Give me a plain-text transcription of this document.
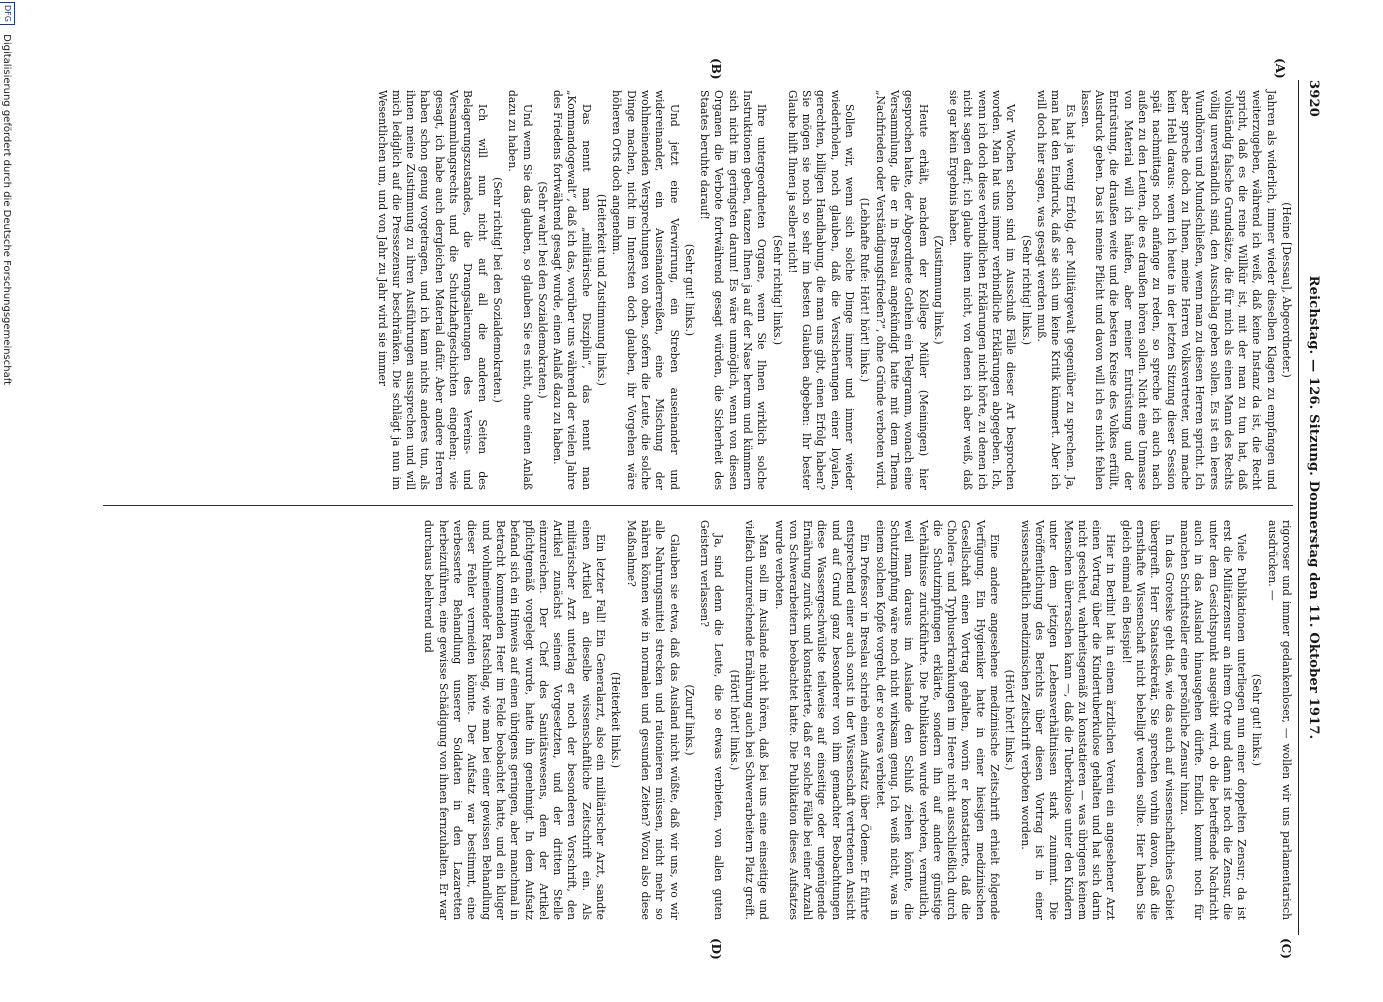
3920
Reichstag. — 126. Sitzung. Donnerstag den 11. Oktober 1917.

(Heine [Dessau], Abgeordneter.)

Jahren als widerlich, immer wieder dieselben Klagen zu empfangen und weiterzugeben, während ich weiß, daß keine Instanz da ist, die Recht spricht, daß es die reine Willkür ist, mit der man zu tun hat, daß vollständig falsche Grundsätze, die für mich als einen Mann des Rechts völlig unverständlich sind, den Ausschlag geben sollen. Es ist ein leeres Wundhören und Mundschließen, wenn man zu diesen Herren spricht. Ich aber spreche doch zu Ihnen, meine Herren Volksvertreter, und mache kein Hehl daraus: wenn ich heute in der letzten Sitzung dieser Session spät nachmittags noch anfange zu reden, so spreche ich auch nach außen zu den Leuten, die es draußen hören sollen. Nicht eine Unmasse von Material will ich häufen, aber meiner Entrüstung und der Entrüstung, die draußen weite und die besten Kreise des Volkes erfüllt, Ausdruck geben. Das ist meine Pflicht und davon will ich es nicht fehlen lassen.

Es hat ja wenig Erfolg, der Militärgewalt gegenüber zu sprechen. Ja, man hat den Eindruck, daß sie sich um keine Kritik kümmert. Aber ich will doch hier sagen, was gesagt werden muß.

(Sehr richtig! links.)

Vor Wochen schon sind im Ausschuß Fälle dieser Art besprochen worden. Man hat uns immer verbindliche Erklärungen abgegeben. Ich, wenn ich doch diese verbindlichen Erklärungen nicht hörte, zu denen ich nicht sagen darf; ich glaube ihnen nicht, von denen ich aber weiß, daß sie gar kein Ergebnis haben.

(Zustimmung links.)

Heute erhält, nachdem der Kollege Müller (Meiningen) hier gesprochen hatte, der Abgeordnete Gothein ein Telegramm, wonach eine Versammlung, die er in Breslau angekündigt hatte mit dem Thema „Nachfrieden oder Verständigungsfrieden?“, ohne Gründe verboten wird.

(Lebhafte Rufe: Hört! hört! links.)

Sollen wir, wenn sich solche Dinge immer und immer wieder wiederholen, noch glauben, daß die Versicherungen einer loyalen, gerechten, billigen Handhabung, die man uns gibt, einen Erfolg haben? Sie mögen sie noch so sehr im besten Glauben abgeben: Ihr bester Glaube hilft Ihnen ja selber nicht!

(Sehr richtig! links.)

Ihre untergeordneten Organe, wenn Sie Ihnen wirklich solche Instruktionen geben, tanzen Ihnen ja auf der Nase herum und kümmern sich nicht im geringsten darum! Es wäre unmöglich, wenn von diesen Organen die Verbote fortwährend gesagt würden, die Sicherheit des Staates beruhte darauf!

(Sehr gut! links.)

Und jetzt eine Verwirrung, ein Streben auseinander und widereinander, ein Auseinanderreißen, eine Mischung der wohlmeinenden Versprechungen von oben, sofern die Leute, die solche Dinge machen, nicht im Innersten doch glauben, ihr Vorgehen wäre höheren Orts doch angenehm.

(Heiterkeit und Zustimmung links.)

Das nennt man „militärische Disziplin“, das nennt man „Kommandogewalt“, daß ich das, worüber uns während der vielen Jahre des Friedens fortwährend gesagt wurde, einen Anlaß dazu zu haben.

(Sehr wahr! bei den Sozialdemokraten.)

Und wenn Sie das glauben, so glauben Sie es nicht, ohne einen Anlaß dazu zu haben.

(Sehr richtig! bei den Sozialdemokraten.)

Ich will nun nicht auf all die anderen Seiten des Belagerungszustandes, die Drangsalierungen des Vereins- und Versammlungsrechts und die Schutzhaftgeschichten eingehen; wie gesagt, ich habe auch dergleichen Material dafür. Aber andere Herren haben schon genug vorgetragen, und ich kann nichts anderes tun, als ihnen meine Zustimmung zu ihren Ausführungen aussprechen und will mich lediglich auf die Pressezensur beschränken. Die schlägt ja nun im Wesentlichen um, und von Jahr zu Jahr wird sie immer

rigoroser und immer gedankenloser, — wollen wir uns parlamentarisch ausdrücken. —

(Sehr gut! links.)

Viele Publikationen unterliegen nun einer doppelten Zensur; da ist erst die Militärzensur an ihrem Orte und dann ist noch die Zensur, die unter dem Gesichtspunkt ausgeübt wird, ob die betreffende Nachricht auch in das Ausland hinausgehen dürfte. Endlich kommt noch für manchen Schriftsteller eine persönliche Zensur hinzu.

In das Groteske geht das, wie das auch auf wissenschaftliches Gebiet übergreift. Herr Staatssekretär, Sie sprechen vorhin davon, daß die ernsthafte Wissenschaft nicht behelligt werden sollte. Hier haben Sie gleich einmal ein Beispiel!

Hier in Berlin! hat in einem ärztlichen Verein ein angesehener Arzt einen Vortrag über die Kindertuberkulose gehalten und hat sich darin nicht gescheut, wahrheitsgemäß zu konstatieren — was übrigens keinem Menschen überraschen kann —, daß die Tuberkulose unter den Kindern unter dem jetzigen Lebensverhältnissen stark zunimmt. Die Veröffentlichung des Berichts über diesen Vortrag ist in einer wissenschaftlich medizinischen Zeitschrift verboten worden.

(Hört! hört! links.)

Eine andere angesehene medizinische Zeitschrift erhielt folgende Verfügung. Ein Hygieniker hatte in einer hiesigen medizinischen Gesellschaft einen Vortrag gehalten, worin er konstatierte, daß die Cholera- und Typhuserkrankungen im Heere nicht ausschließlich durch die Schutzimpfungen erklärte, sondern ihn auf andere günstige Verhältnisse zurückführte. Die Publikation wurde verboten, vermutlich, weil man daraus im Auslande den Schluß ziehen könnte, die Schutzimpfung wäre noch nicht wirksam genug. Ich weiß nicht, was in einem solchen Kopfe vorgeht, der so etwas verbietet.

Ein Professor in Breslau schrieb einen Aufsatz über Ödeme. Er führte entsprechend einer auch sonst in der Wissenschaft vertretenen Ansicht und auf Grund ganz besonderer von ihm gemachter Beobachtungen diese Wassergeschwülste teilweise auf einseitige oder ungenügende Ernährung zurück und konstatierte, daß er solche Fälle bei einer Anzahl von Schwerarbeitern beobachtet hatte. Die Publikation dieses Aufsatzes wurde verboten.

Man soll im Auslande nicht hören, daß bei uns eine einseitige und vielfach unzureichende Ernährung auch bei Schwerarbeitern Platz greift.

(Hört! hört! links.)

Ja, sind denn die Leute, die so etwas verbieten, von allen guten Geistern verlassen?

(Zuruf links.)

Glauben sie etwa, daß das Ausland nicht wüßte, daß wir uns, wo wir alle Nahrungsmittel strecken und rationieren müssen, nicht mehr so nähren können wie in normalen und gesunden Zeiten? Wozu also diese Maßnahme?

(Heiterkeit links.)

Ein letzter Fall! Ein Generalarzt, also ein militärischer Arzt, sandte einen Artikel an dieselbe wissenschaftliche Zeitschrift ein. Als militärischer Arzt unterlag er noch der besonderen Vorschrift, den Artikel zunächst seinem Vorgesetzten, und der dritten Stelle einzureichen. Der Chef des Sanitätswesens, dem der Artikel pflichtgemäß vorgelegt wurde, hatte ihn genehmigt. In dem Aufsatz befand sich ein Hinweis auf einen übrigens geringen, aber manchmal in Betracht kommenden Heer im Felde beobachtet hatte, und ein kluger und wohlmeinender Ratschlag, wie man bei einer gewissen Behandlung dieser Fehler vermeiden könnte. Der Aufsatz war bestimmt, eine verbesserte Behandlung unserer Soldaten in den Lazaretten herbeizuführen, eine gewisse Schädigung von ihnen fernzuhalten. Er war durchaus belehrend und

(A)
(B)
(C)
(D)
DFG Digitalisierung gefördert durch die Deutsche Forschungsgemeinschaft
